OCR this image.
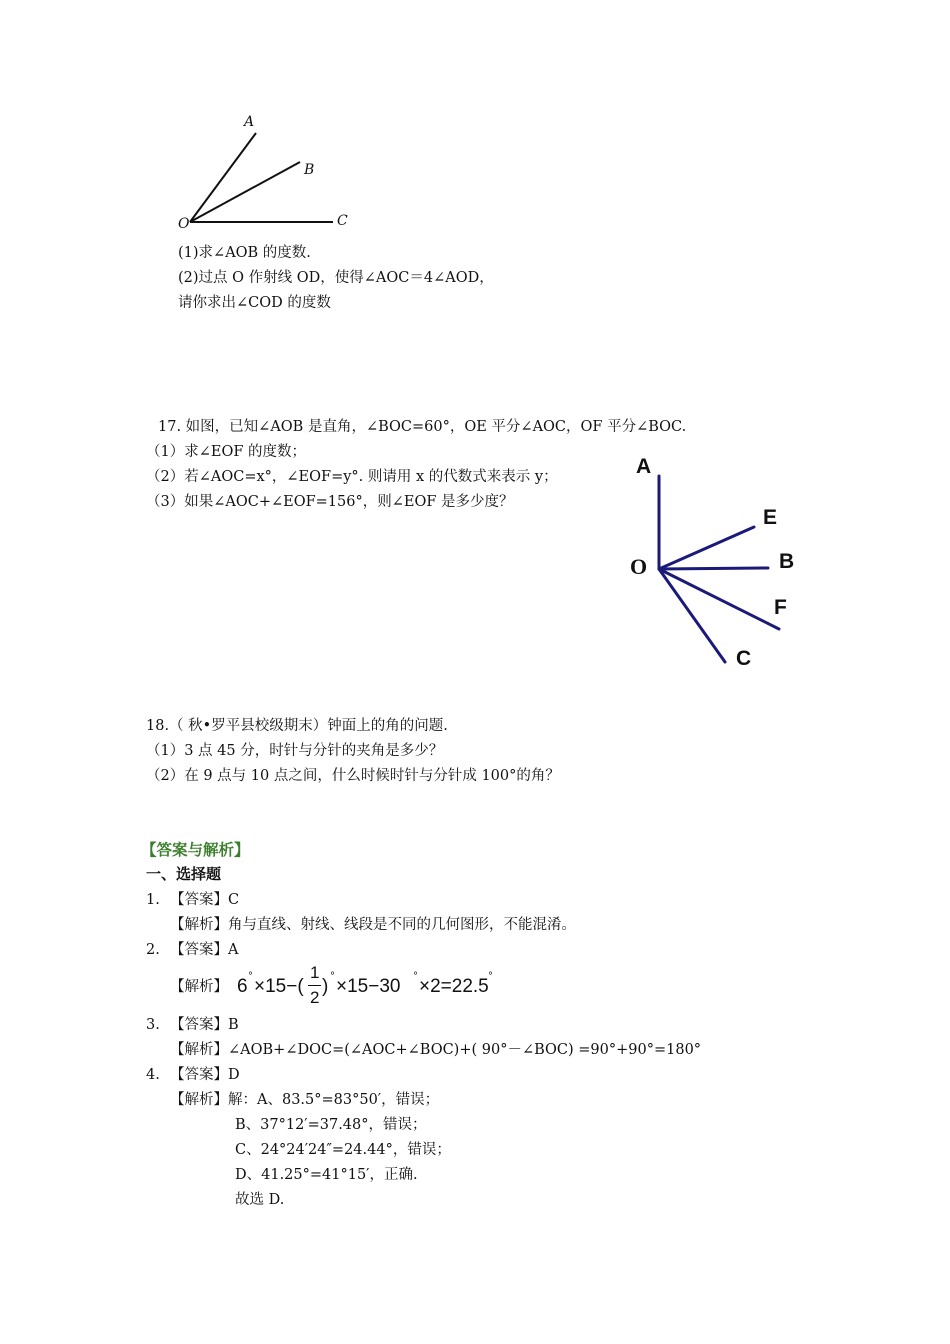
A
B
C
O
(1)求∠AOB 的度数.
(2)过点 O 作射线 OD，使得∠AOC＝4∠AOD，
请你求出∠COD 的度数
17. 如图，已知∠AOB 是直角，∠BOC=60°，OE 平分∠AOC，OF 平分∠BOC.
（1）求∠EOF 的度数；
（2）若∠AOC=x°，∠EOF=y°. 则请用 x 的代数式来表示 y；
（3）如果∠AOC+∠EOF=156°，则∠EOF 是多少度？
A
E
O	B
F
C
18.（ 秋•罗平县校级期末）钟面上的角的问题.
（1）3 点 45 分，时针与分针的夹角是多少？
（2）在 9 点与 10 点之间，什么时候时针与分针成 100°的角？
【答案与解析】
一、选择题
1. 【答案】C
【解析】角与直线、射线、线段是不同的几何图形，不能混淆。
2. 【答案】A
【解析】 6 ° ×15−(
1
2
) ° ×15−30 ° ×2=22.5 °
3. 【答案】B
【解析】∠AOB+∠DOC=(∠AOC+∠BOC)+( 90°－∠BOC) =90°+90°=180°
4. 【答案】D
【解析】解：A、83.5°=83°50′，错误；
B、37°12′=37.48°，错误；
C、24°24′24″=24.44°，错误；
D、41.25°=41°15′，正确.
故选 D.
